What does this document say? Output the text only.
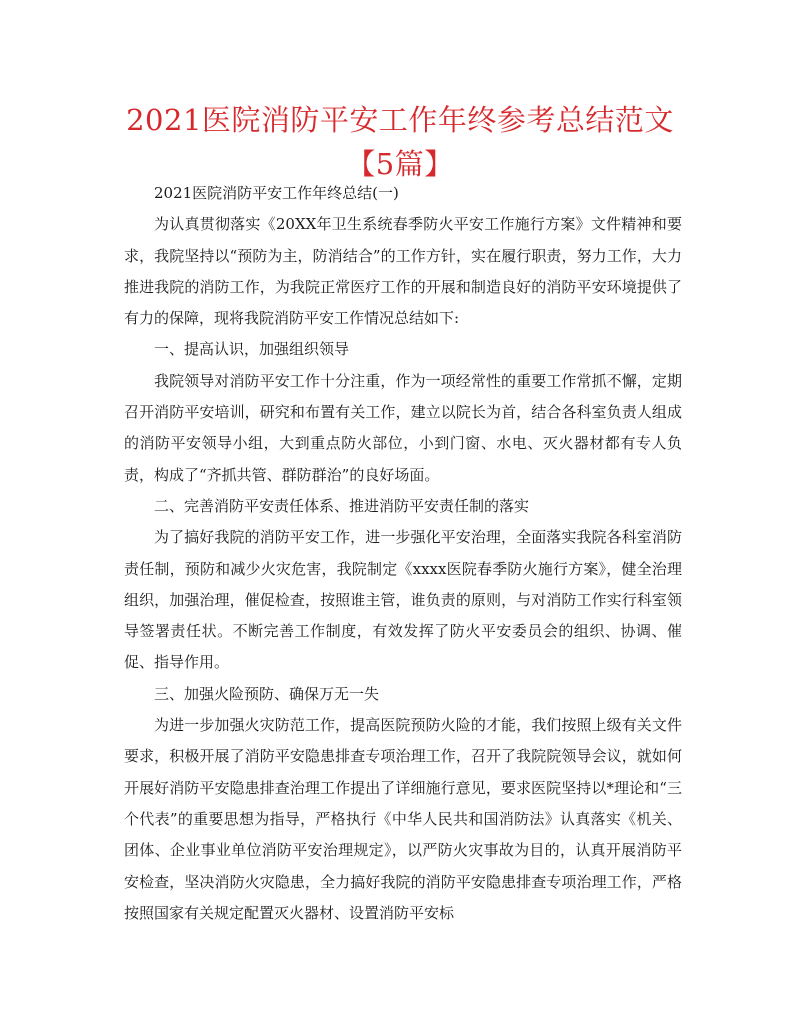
2021医院消防平安工作年终参考总结范文【5篇】

2021医院消防平安工作年终总结(一)

为认真贯彻落实《20XX年卫生系统春季防火平安工作施行方案》文件精神和要求，我院坚持以“预防为主，防消结合”的工作方针，实在履行职责，努力工作，大力推进我院的消防工作，为我院正常医疗工作的开展和制造良好的消防平安环境提供了有力的保障，现将我院消防平安工作情况总结如下:

一、提高认识，加强组织领导

我院领导对消防平安工作十分注重，作为一项经常性的重要工作常抓不懈，定期召开消防平安培训，研究和布置有关工作，建立以院长为首，结合各科室负责人组成的消防平安领导小组，大到重点防火部位，小到门窗、水电、灭火器材都有专人负责，构成了“齐抓共管、群防群治”的良好场面。

二、完善消防平安责任体系、推进消防平安责任制的落实

为了搞好我院的消防平安工作，进一步强化平安治理，全面落实我院各科室消防责任制，预防和减少火灾危害，我院制定《xxxx医院春季防火施行方案》，健全治理组织，加强治理，催促检查，按照谁主管，谁负责的原则，与对消防工作实行科室领导签署责任状。不断完善工作制度，有效发挥了防火平安委员会的组织、协调、催促、指导作用。

三、加强火险预防、确保万无一失

为进一步加强火灾防范工作，提高医院预防火险的才能，我们按照上级有关文件要求，积极开展了消防平安隐患排查专项治理工作，召开了我院院领导会议，就如何开展好消防平安隐患排查治理工作提出了详细施行意见，要求医院坚持以*理论和“三个代表”的重要思想为指导，严格执行《中华人民共和国消防法》认真落实《机关、团体、企业事业单位消防平安治理规定》，以严防火灾事故为目的，认真开展消防平安检查，坚决消防火灾隐患，全力搞好我院的消防平安隐患排查专项治理工作，严格按照国家有关规定配置灭火器材、设置消防平安标
